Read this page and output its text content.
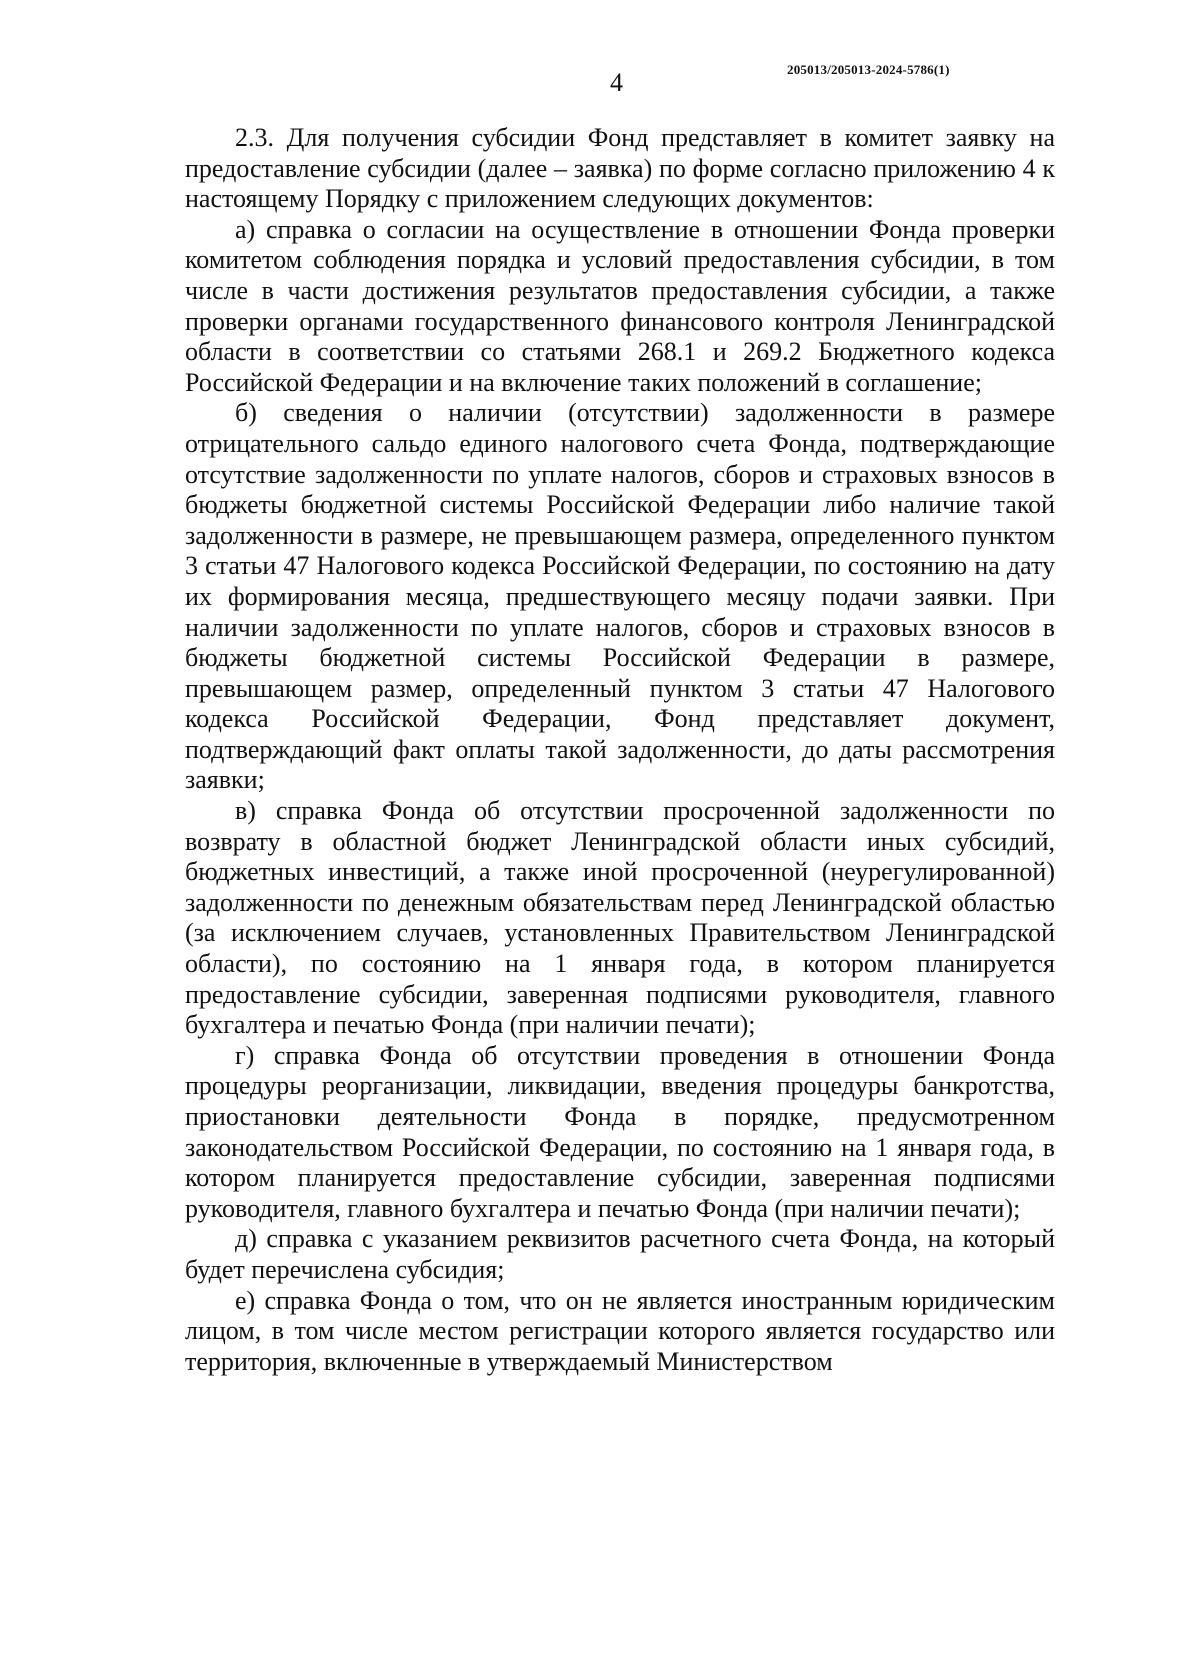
4	205013/205013-2024-5786(1)

2.3. Для получения субсидии Фонд представляет в комитет заявку на предоставление субсидии (далее – заявка) по форме согласно приложению 4 к настоящему Порядку с приложением следующих документов:

а) справка о согласии на осуществление в отношении Фонда проверки комитетом соблюдения порядка и условий предоставления субсидии, в том числе в части достижения результатов предоставления субсидии, а также проверки органами государственного финансового контроля Ленинградской области в соответствии со статьями 268.1 и 269.2 Бюджетного кодекса Российской Федерации и на включение таких положений в соглашение;

б) сведения о наличии (отсутствии) задолженности в размере отрицательного сальдо единого налогового счета Фонда, подтверждающие отсутствие задолженности по уплате налогов, сборов и страховых взносов в бюджеты бюджетной системы Российской Федерации либо наличие такой задолженности в размере, не превышающем размера, определенного пунктом 3 статьи 47 Налогового кодекса Российской Федерации, по состоянию на дату их формирования месяца, предшествующего месяцу подачи заявки. При наличии задолженности по уплате налогов, сборов и страховых взносов в бюджеты бюджетной системы Российской Федерации в размере, превышающем размер, определенный пунктом 3 статьи 47 Налогового кодекса Российской Федерации, Фонд представляет документ, подтверждающий факт оплаты такой задолженности, до даты рассмотрения заявки;

в) справка Фонда об отсутствии просроченной задолженности по возврату в областной бюджет Ленинградской области иных субсидий, бюджетных инвестиций, а также иной просроченной (неурегулированной) задолженности по денежным обязательствам перед Ленинградской областью (за исключением случаев, установленных Правительством Ленинградской области), по состоянию на 1 января года, в котором планируется предоставление субсидии, заверенная подписями руководителя, главного бухгалтера и печатью Фонда (при наличии печати);

г) справка Фонда об отсутствии проведения в отношении Фонда процедуры реорганизации, ликвидации, введения процедуры банкротства, приостановки деятельности Фонда в порядке, предусмотренном законодательством Российской Федерации, по состоянию на 1 января года, в котором планируется предоставление субсидии, заверенная подписями руководителя, главного бухгалтера и печатью Фонда (при наличии печати);

д) справка с указанием реквизитов расчетного счета Фонда, на который будет перечислена субсидия;

е) справка Фонда о том, что он не является иностранным юридическим лицом, в том числе местом регистрации которого является государство или территория, включенные в утверждаемый Министерством
